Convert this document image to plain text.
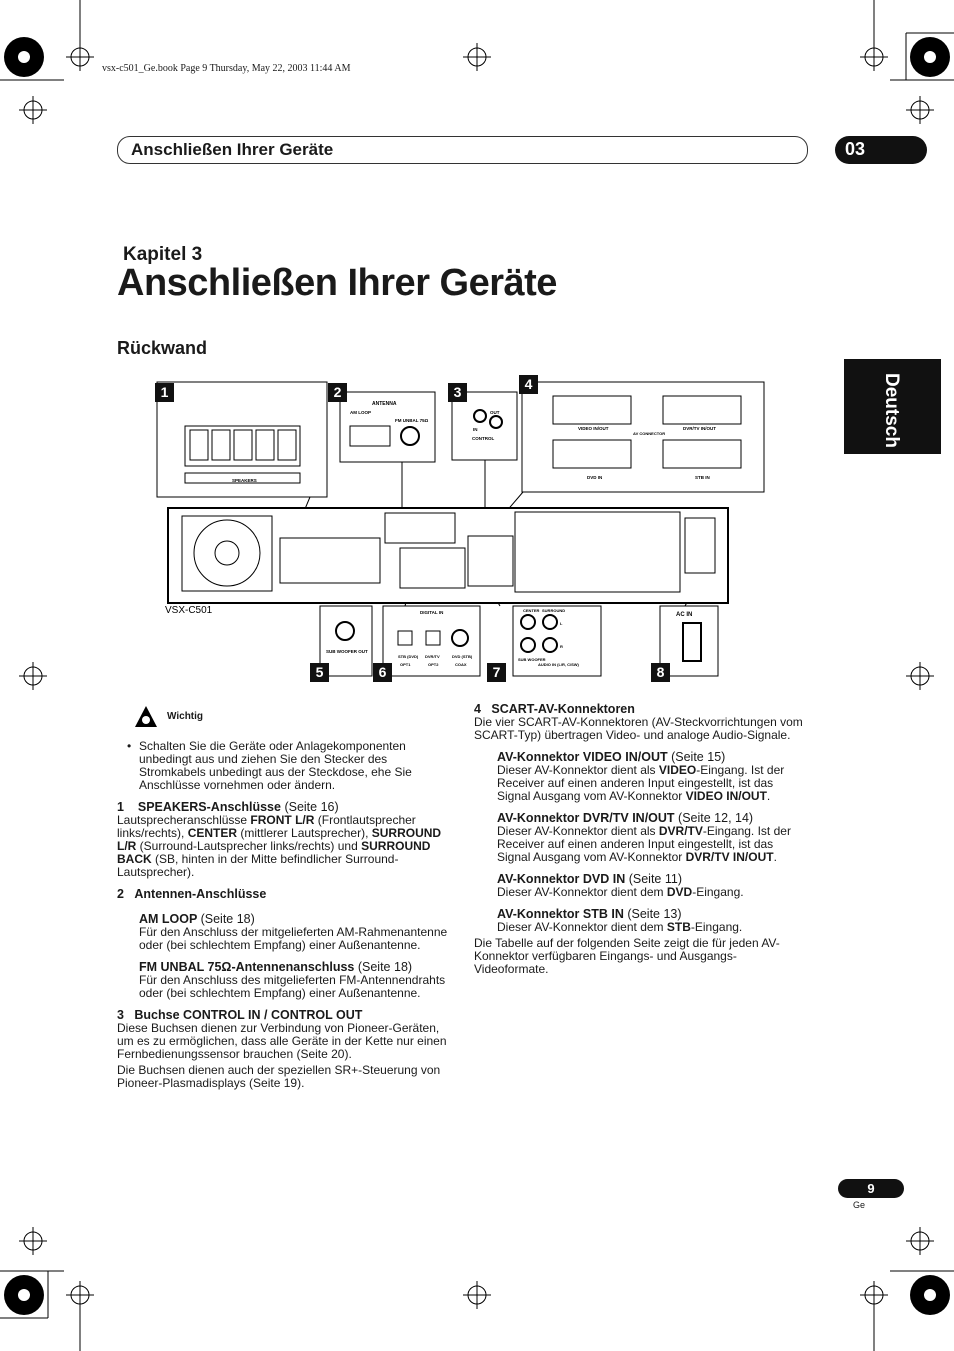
vsx-c501_Ge.book Page 9 Thursday, May 22, 2003 11:44 AM
Anschließen Ihrer Geräte	03
Deutsch
Kapitel 3
Anschließen Ihrer Geräte
Rückwand
SPEAKERS
ANTENNA
AM LOOP
FM UNBAL 75Ω
IN
OUT
CONTROL
VIDEO IN/OUT	DVR/TV IN/OUT
AV CONNECTOR
DVD IN	STB IN
VSX-C501
SUB WOOFER OUT
DIGITAL IN
STB (DVD)
OPT1
DVR/TV
OPT2
DVD (STB)
COAX
CENTER SURROUND
L
R
SUB WOOFER
AUDIO IN (L/R, C/SW)
AC IN
1	2	3	4
5	6	7	8
Wichtig
• Schalten Sie die Geräte oder Anlagekomponenten unbedingt aus und ziehen Sie den Stecker des Stromkabels unbedingt aus der Steckdose, ehe Sie Anschlüsse vornehmen oder ändern.

1 SPEAKERS-Anschlüsse (Seite 16)

Lautsprecheranschlüsse FRONT L/R (Frontlautsprecher links/rechts), CENTER (mittlerer Lautsprecher), SURROUND L/R (Surround-Lautsprecher links/rechts) und SURROUND BACK (SB, hinten in der Mitte befindlicher Surround-Lautsprecher).

2 Antennen-Anschlüsse

AM LOOP (Seite 18)

Für den Anschluss der mitgelieferten AM-Rahmenantenne oder (bei schlechtem Empfang) einer Außenantenne.

FM UNBAL 75Ω-Antennenanschluss (Seite 18)

Für den Anschluss des mitgelieferten FM-Antennendrahts oder (bei schlechtem Empfang) einer Außenantenne.

3 Buchse CONTROL IN / CONTROL OUT

Diese Buchsen dienen zur Verbindung von Pioneer-Geräten, um es zu ermöglichen, dass alle Geräte in der Kette nur einen Fernbedienungssensor brauchen (Seite 20).

Die Buchsen dienen auch der speziellen SR+-Steuerung von Pioneer-Plasmadisplays (Seite 19).

4 SCART-AV-Konnektoren

Die vier SCART-AV-Konnektoren (AV-Steckvorrichtungen vom SCART-Typ) übertragen Video- und analoge Audio-Signale.

AV-Konnektor VIDEO IN/OUT (Seite 15)

Dieser AV-Konnektor dient als VIDEO-Eingang. Ist der Receiver auf einen anderen Input eingestellt, ist das Signal Ausgang vom AV-Konnektor VIDEO IN/OUT.

AV-Konnektor DVR/TV IN/OUT (Seite 12, 14)

Dieser AV-Konnektor dient als DVR/TV-Eingang. Ist der Receiver auf einen anderen Input eingestellt, ist das Signal Ausgang vom AV-Konnektor DVR/TV IN/OUT.

AV-Konnektor DVD IN (Seite 11)

Dieser AV-Konnektor dient dem DVD-Eingang.

AV-Konnektor STB IN (Seite 13)

Dieser AV-Konnektor dient dem STB-Eingang.

Die Tabelle auf der folgenden Seite zeigt die für jeden AV-Konnektor verfügbaren Eingangs- und Ausgangs-Videoformate.

9
Ge
